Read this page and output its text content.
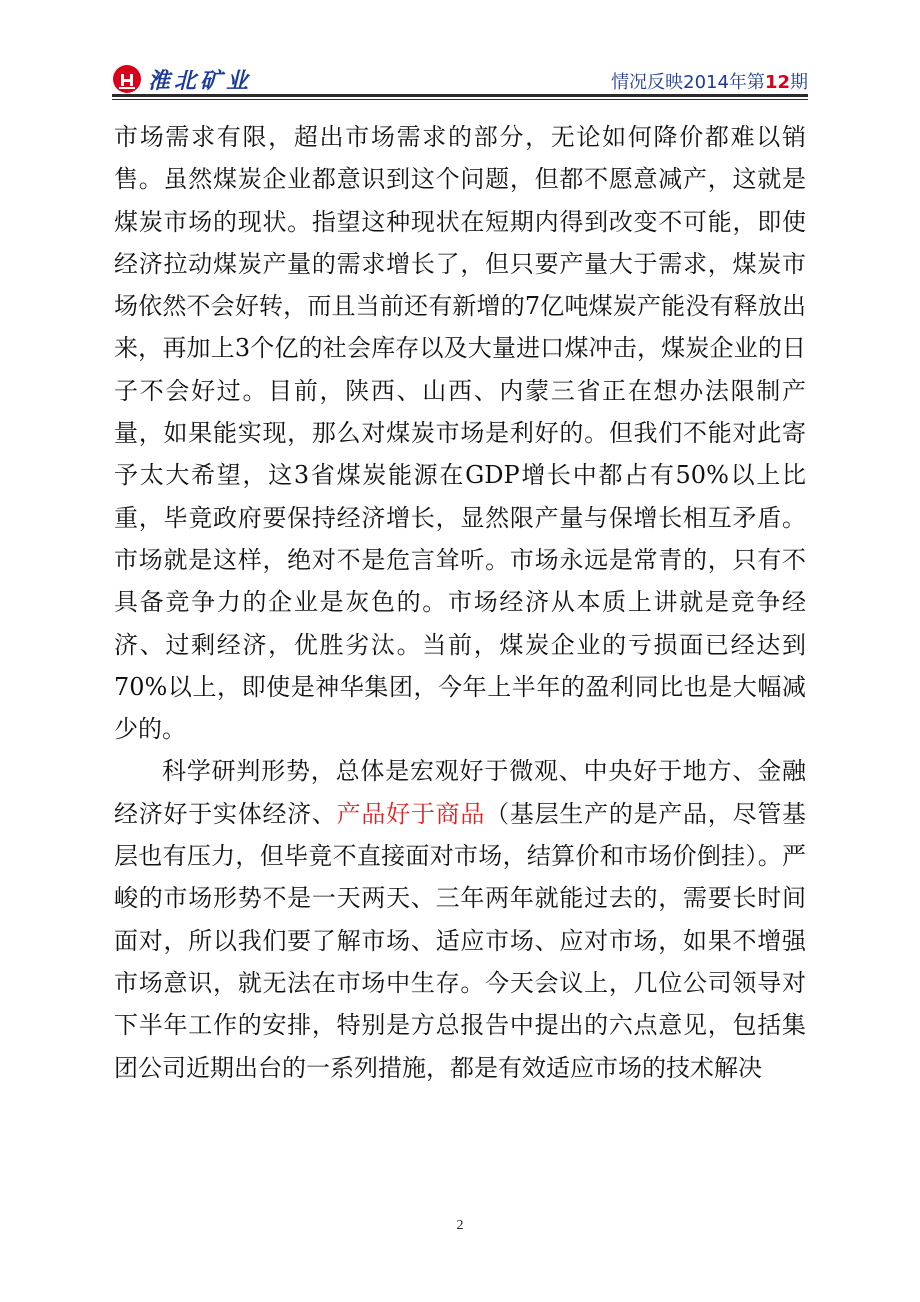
淮北矿业	情况反映2014年第12期

市场需求有限，超出市场需求的部分，无论如何降价都难以销售。虽然煤炭企业都意识到这个问题，但都不愿意减产，这就是煤炭市场的现状。指望这种现状在短期内得到改变不可能，即使经济拉动煤炭产量的需求增长了，但只要产量大于需求，煤炭市场依然不会好转，而且当前还有新增的7亿吨煤炭产能没有释放出来，再加上3个亿的社会库存以及大量进口煤冲击，煤炭企业的日子不会好过。目前，陕西、山西、内蒙三省正在想办法限制产量，如果能实现，那么对煤炭市场是利好的。但我们不能对此寄予太大希望，这3省煤炭能源在GDP增长中都占有50%以上比重，毕竟政府要保持经济增长，显然限产量与保增长相互矛盾。市场就是这样，绝对不是危言耸听。市场永远是常青的，只有不具备竞争力的企业是灰色的。市场经济从本质上讲就是竞争经济、过剩经济，优胜劣汰。当前，煤炭企业的亏损面已经达到70%以上，即使是神华集团，今年上半年的盈利同比也是大幅减少的。

科学研判形势，总体是宏观好于微观、中央好于地方、金融经济好于实体经济、产品好于商品（基层生产的是产品，尽管基层也有压力，但毕竟不直接面对市场，结算价和市场价倒挂）。严峻的市场形势不是一天两天、三年两年就能过去的，需要长时间面对，所以我们要了解市场、适应市场、应对市场，如果不增强市场意识，就无法在市场中生存。今天会议上，几位公司领导对下半年工作的安排，特别是方总报告中提出的六点意见，包括集团公司近期出台的一系列措施，都是有效适应市场的技术解决

2
